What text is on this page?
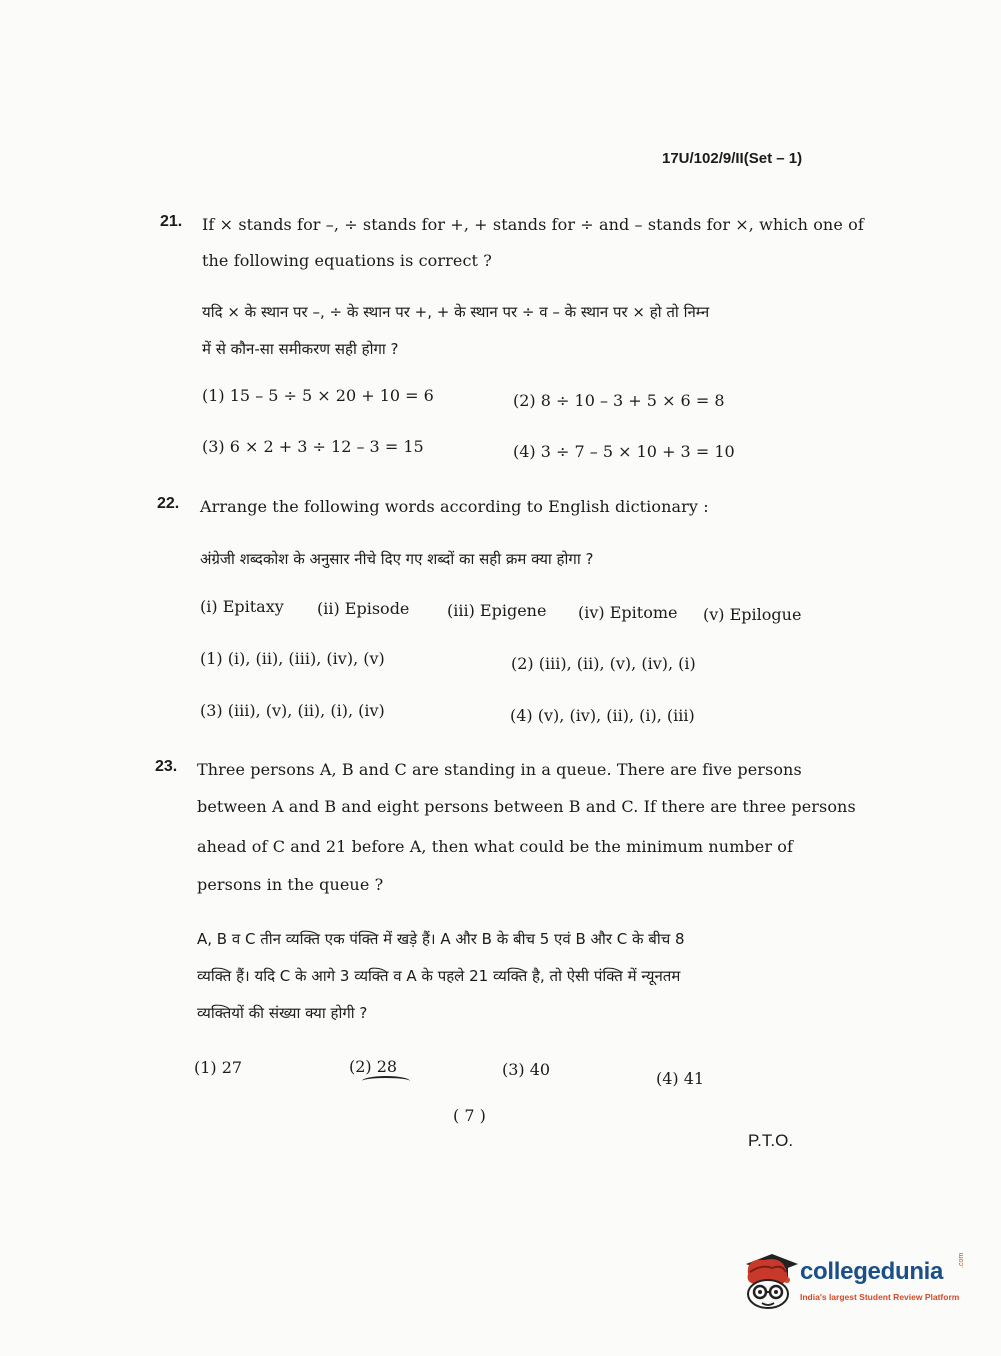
17U/102/9/II(Set – 1)
21. If × stands for –, ÷ stands for +, + stands for ÷ and – stands for ×, which one of
the following equations is correct ?
यदि × के स्थान पर –, ÷ के स्थान पर +, + के स्थान पर ÷ व – के स्थान पर × हो तो निम्न
में से कौन-सा समीकरण सही होगा ?
(1) 15 – 5 ÷ 5 × 20 + 10 = 6	(2) 8 ÷ 10 – 3 + 5 × 6 = 8
(3) 6 × 2 + 3 ÷ 12 – 3 = 15	(4) 3 ÷ 7 – 5 × 10 + 3 = 10
22. Arrange the following words according to English dictionary :
अंग्रेजी शब्दकोश के अनुसार नीचे दिए गए शब्दों का सही क्रम क्या होगा ?
(i) Epitaxy (ii) Episode (iii) Epigene (iv) Epitome (v) Epilogue
(1) (i), (ii), (iii), (iv), (v)	(2) (iii), (ii), (v), (iv), (i)
(3) (iii), (v), (ii), (i), (iv)	(4) (v), (iv), (ii), (i), (iii)
23. Three persons A, B and C are standing in a queue. There are five persons
between A and B and eight persons between B and C. If there are three persons
ahead of C and 21 before A, then what could be the minimum number of
persons in the queue ?
A, B व C तीन व्यक्ति एक पंक्ति में खड़े हैं। A और B के बीच 5 एवं B और C के बीच 8
व्यक्ति हैं। यदि C के आगे 3 व्यक्ति व A के पहले 21 व्यक्ति है, तो ऐसी पंक्ति में न्यूनतम
व्यक्तियों की संख्या क्या होगी ?
(1) 27	(2) 28	(3) 40	(4) 41
( 7 )
P.T.O.
collegedunia .com
India's largest Student Review Platform
